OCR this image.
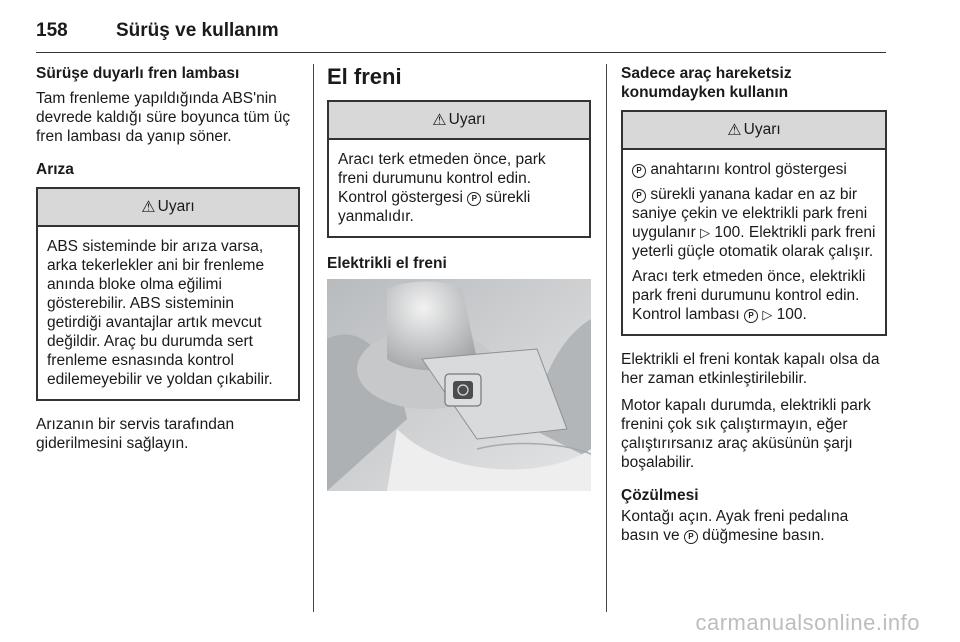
158	Sürüş ve kullanım
Sürüşe duyarlı fren lambası

Tam frenleme yapıldığında ABS'nin devrede kaldığı süre boyunca tüm üç fren lambası da yanıp söner.

Arıza
⚠ Uyarı

ABS sisteminde bir arıza varsa, arka tekerlekler ani bir frenleme anında bloke olma eğilimi gösterebilir. ABS sisteminin getirdiği avantajlar artık mevcut değildir. Araç bu durumda sert frenleme esnasında kontrol edilemeyebilir ve yoldan çıkabilir.

Arızanın bir servis tarafından giderilmesini sağlayın.

El freni
⚠ Uyarı

Aracı terk etmeden önce, park freni durumunu kontrol edin. Kontrol göstergesi P sürekli yanmalıdır.

Elektrikli el freni
Sadece araç hareketsiz konumdayken kullanın
⚠ Uyarı

P anahtarını kontrol göstergesi

P sürekli yanana kadar en az bir saniye çekin ve elektrikli park freni uygulanır ▷ 100. Elektrikli park freni yeterli güçle otomatik olarak çalışır.

Aracı terk etmeden önce, elektrikli park freni durumunu kontrol edin. Kontrol lambası P ▷ 100.

Elektrikli el freni kontak kapalı olsa da her zaman etkinleştirilebilir.

Motor kapalı durumda, elektrikli park frenini çok sık çalıştırmayın, eğer çalıştırırsanız araç aküsünün şarjı boşalabilir.

Çözülmesi

Kontağı açın. Ayak freni pedalına basın ve P düğmesine basın.

carmanualsonline.info
